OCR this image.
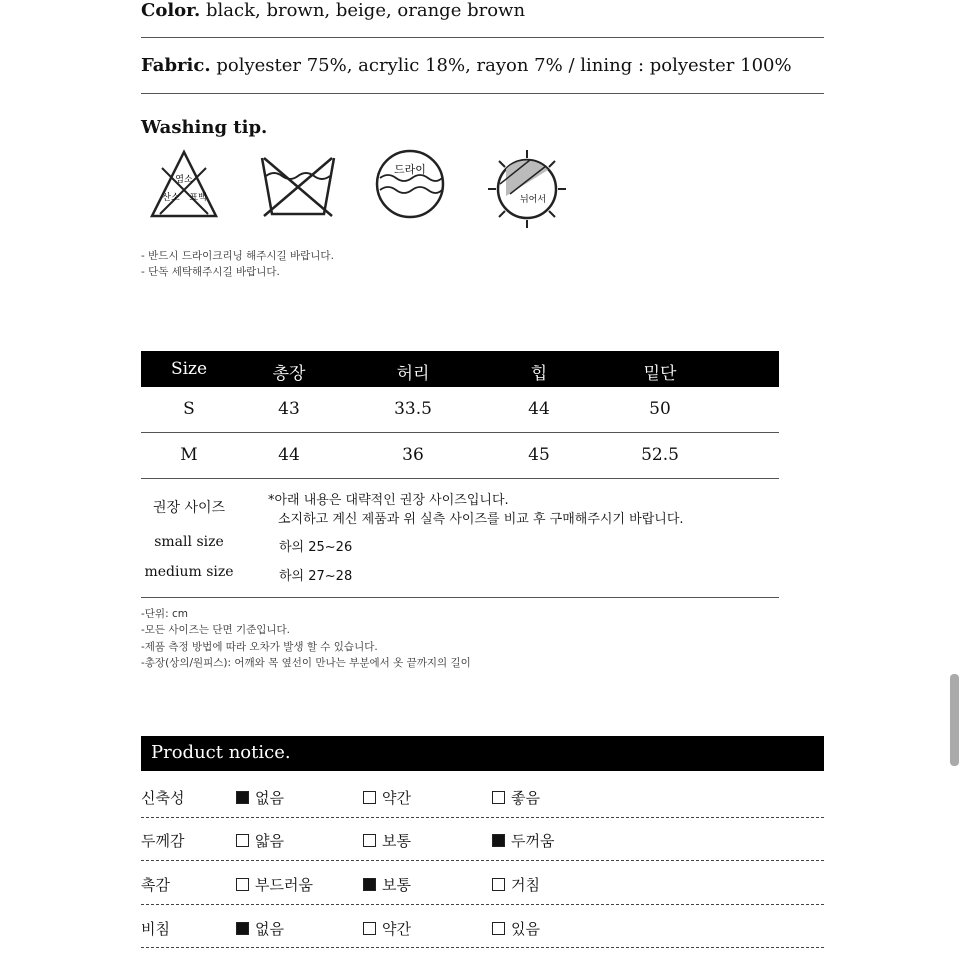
Color. black, brown, beige, orange brown
Fabric. polyester 75%, acrylic 18%, rayon 7% / lining : polyester 100%
Washing tip.
염소
산소 표백
드라이
뉘어서
- 반드시 드라이크리닝 해주시길 바랍니다.
- 단독 세탁해주시길 바랍니다.
Size	총장	허리	힙	밑단
S	43	33.5	44	50
M	44	36	45	52.5
권장 사이즈	*아래 내용은 대략적인 권장 사이즈입니다.
소지하고 계신 제품과 위 실측 사이즈를 비교 후 구매해주시기 바랍니다.
small size	하의 25~26
medium size	하의 27~28
-단위: cm
-모든 사이즈는 단면 기준입니다.
-제품 측정 방법에 따라 오차가 발생 할 수 있습니다.
-총장(상의/원피스): 어깨와 목 옆선이 만나는 부분에서 옷 끝까지의 길이
Product notice.
신축성	없음	약간	좋음
두께감	얇음	보통	두꺼움
촉감	부드러움	보통	거침
비침	없음	약간	있음
